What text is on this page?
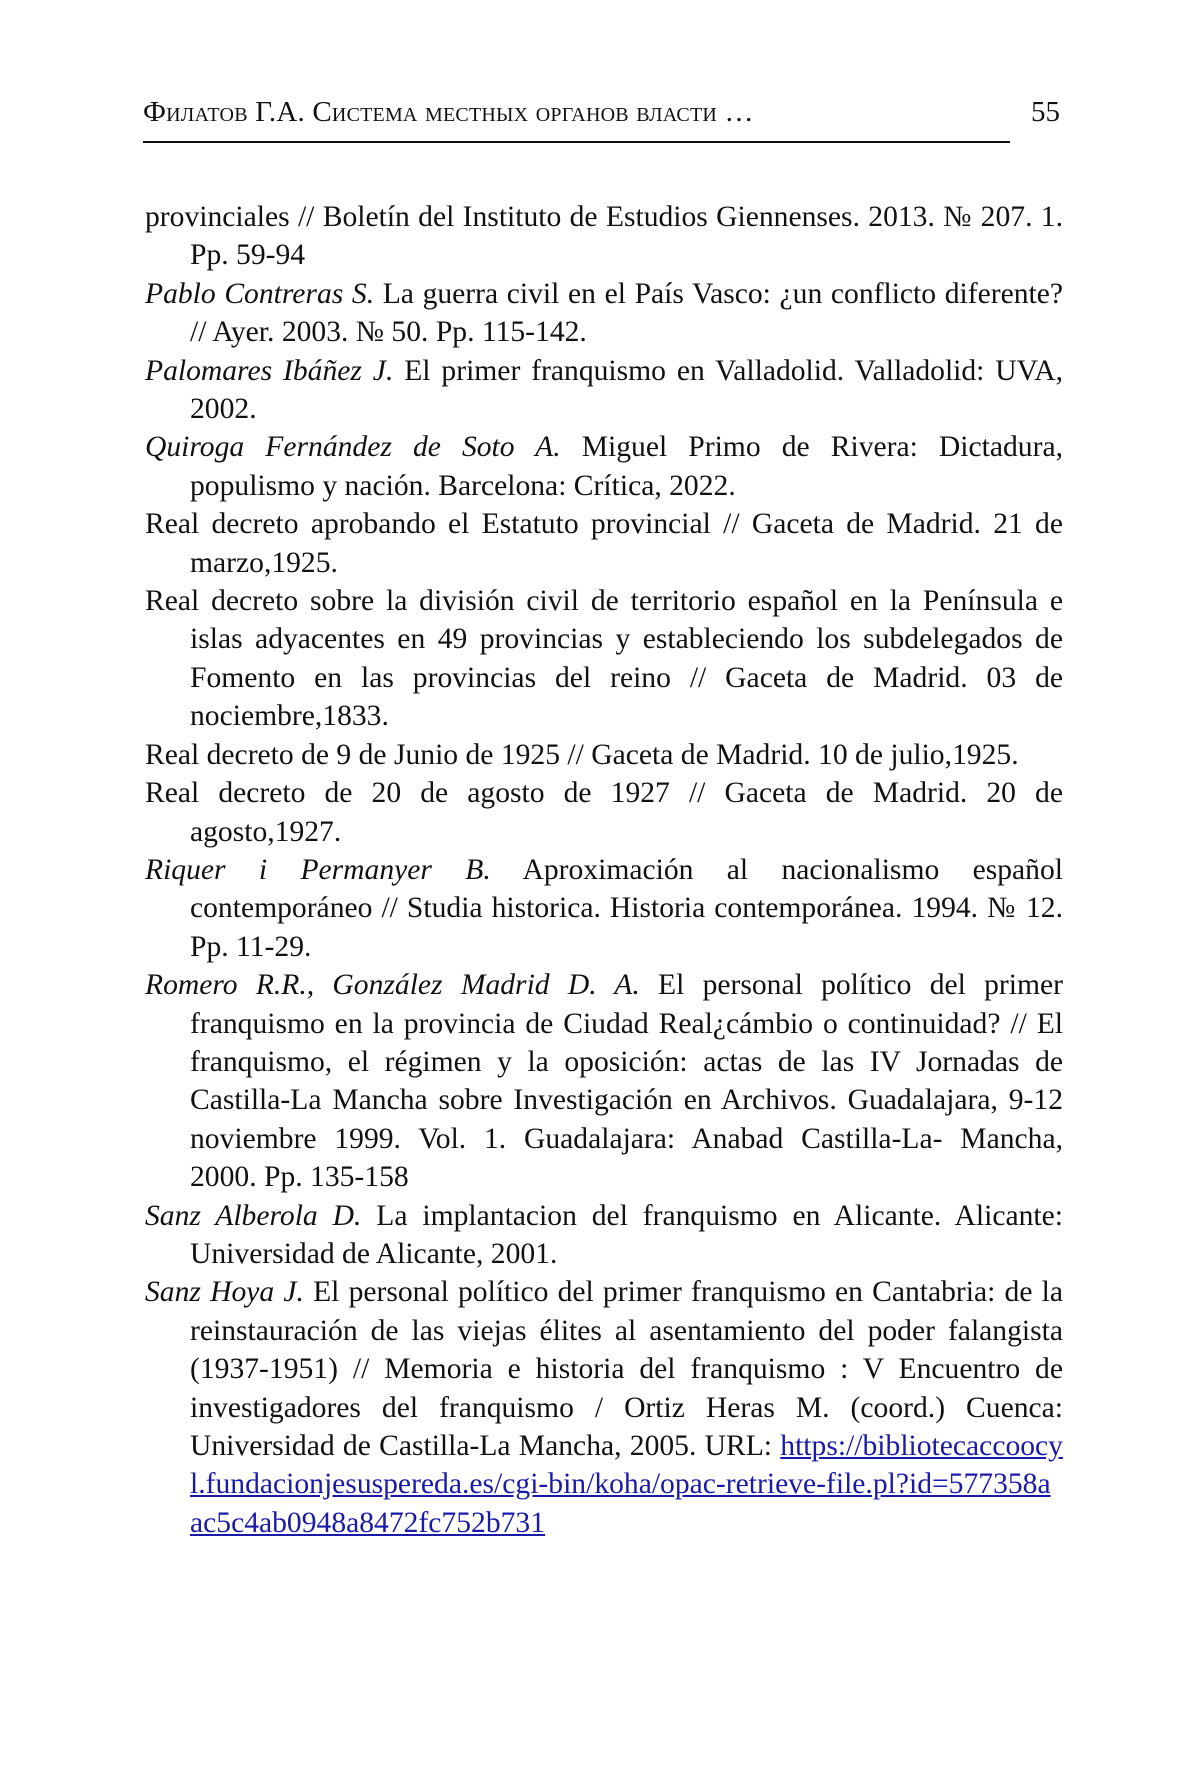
Филатов Г.А. Система местных органов власти …	55
provinciales // Boletín del Instituto de Estudios Giennenses. 2013. № 207. 1. Pp. 59-94
Pablo Contreras S. La guerra civil en el País Vasco: ¿un conflicto diferente? // Ayer. 2003. № 50. Pp. 115-142.
Palomares Ibáñez J. El primer franquismo en Valladolid. Valladolid: UVA, 2002.
Quiroga Fernández de Soto A. Miguel Primo de Rivera: Dictadura, populismo y nación. Barcelona: Crítica, 2022.
Real decreto aprobando el Estatuto provincial // Gaceta de Madrid. 21 de marzo,1925.
Real decreto sobre la división civil de territorio español en la Península e islas adyacentes en 49 provincias y estableciendo los subdelegados de Fomento en las provincias del reino // Gaceta de Madrid. 03 de nociembre,1833.
Real decreto de 9 de Junio de 1925 // Gaceta de Madrid. 10 de julio,1925.
Real decreto de 20 de agosto de 1927 // Gaceta de Madrid. 20 de agosto,1927.
Riquer i Permanyer B. Aproximación al nacionalismo español contemporáneo // Studia historica. Historia contemporánea. 1994. № 12. Pp. 11-29.
Romero R.R., González Madrid D. A. El personal político del primer franquismo en la provincia de Ciudad Real¿cámbio o continuidad? // El franquismo, el régimen y la oposición: actas de las IV Jornadas de Castilla-La Mancha sobre Investigación en Archivos. Guadalajara, 9-12 noviembre 1999. Vol. 1. Guadalajara: Anabad Castilla-La- Mancha, 2000. Pp. 135-158
Sanz Alberola D. La implantacion del franquismo en Alicante. Alicante: Universidad de Alicante, 2001.
Sanz Hoya J. El personal político del primer franquismo en Cantabria: de la reinstauración de las viejas élites al asentamiento del poder falangista (1937-1951) // Memoria e historia del franquismo : V Encuentro de investigadores del franquismo / Ortiz Heras M. (coord.) Cuenca: Universidad de Castilla-La Mancha, 2005. URL: https://bibliotecaccoocyl.fundacionjesuspereda.es/cgi-bin/koha/opac-retrieve-file.pl?id=577358aac5c4ab0948a8472fc752b731
